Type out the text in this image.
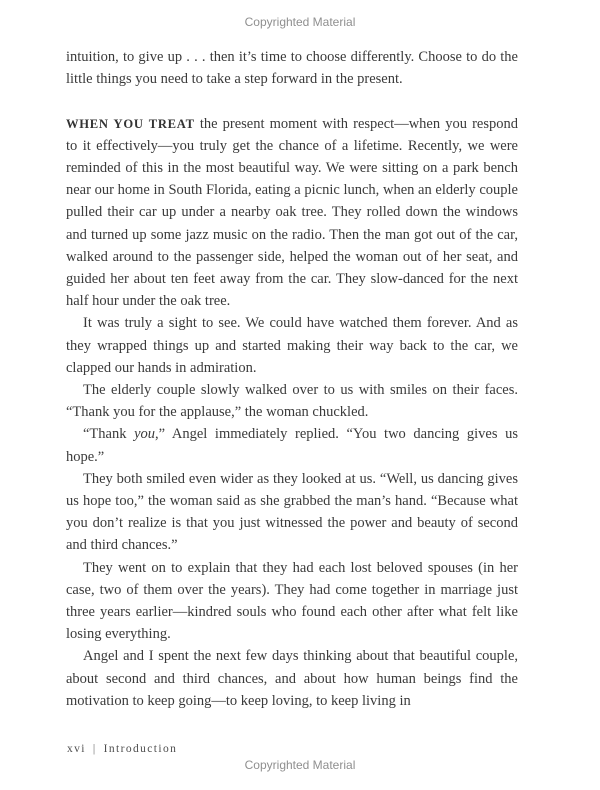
Copyrighted Material

intuition, to give up . . . then it’s time to choose differently. Choose to do the little things you need to take a step forward in the present.

WHEN YOU TREAT the present moment with respect—when you respond to it effectively—you truly get the chance of a lifetime. Recently, we were reminded of this in the most beautiful way. We were sitting on a park bench near our home in South Florida, eating a picnic lunch, when an elderly couple pulled their car up under a nearby oak tree. They rolled down the windows and turned up some jazz music on the radio. Then the man got out of the car, walked around to the passenger side, helped the woman out of her seat, and guided her about ten feet away from the car. They slow-danced for the next half hour under the oak tree.

It was truly a sight to see. We could have watched them forever. And as they wrapped things up and started making their way back to the car, we clapped our hands in admiration.

The elderly couple slowly walked over to us with smiles on their faces. “Thank you for the applause,” the woman chuckled.

“Thank you,” Angel immediately replied. “You two dancing gives us hope.”

They both smiled even wider as they looked at us. “Well, us dancing gives us hope too,” the woman said as she grabbed the man’s hand. “Because what you don’t realize is that you just witnessed the power and beauty of second and third chances.”

They went on to explain that they had each lost beloved spouses (in her case, two of them over the years). They had come together in marriage just three years earlier—kindred souls who found each other after what felt like losing everything.

Angel and I spent the next few days thinking about that beautiful couple, about second and third chances, and about how human beings find the motivation to keep going—to keep loving, to keep living in

xvi | Introduction
Copyrighted Material
